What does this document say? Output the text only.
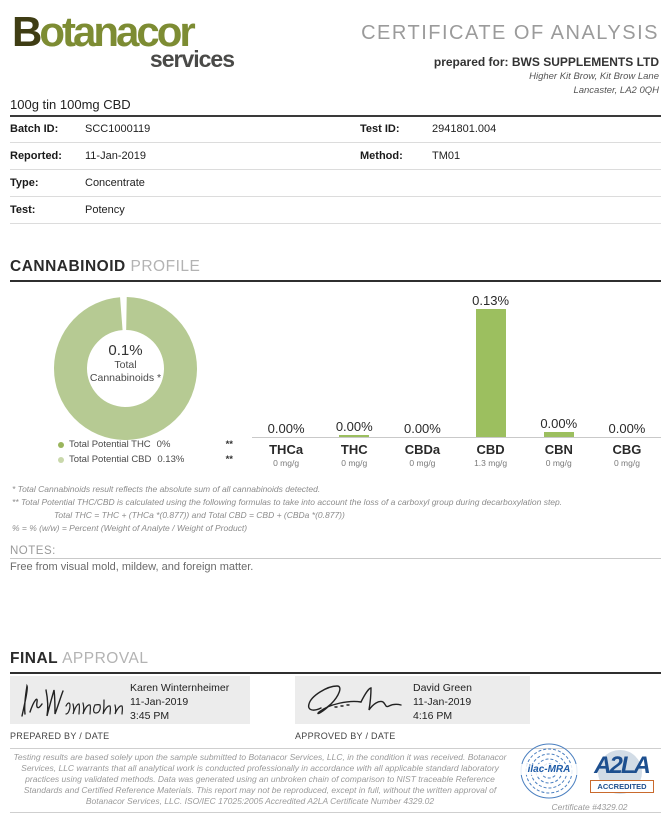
Botanacor
services
CERTIFICATE OF ANALYSIS
prepared for: BWS SUPPLEMENTS LTD
Higher Kit Brow, Kit Brow Lane
Lancaster, LA2 0QH
100g tin 100mg CBD
Batch ID:	SCC1000119	Test ID:	2941801.004
Reported:	11-Jan-2019	Method:	TM01
Type:	Concentrate
Test:	Potency
CANNABINOID PROFILE
0.1%
Total
Cannabinoids *
Total Potential THC 0%	**
Total Potential CBD 0.13%	**
0.00% 0.00% 0.00%
0.13%
0.00% 0.00%
THCa
0 mg/g
THC
0 mg/g
CBDa
0 mg/g
CBD
1.3 mg/g
CBN
0 mg/g
CBG
0 mg/g
* Total Cannabinoids result reflects the absolute sum of all cannabinoids detected.
** Total Potential THC/CBD is calculated using the following formulas to take into account the loss of a carboxyl group during decarboxylation step.
Total THC = THC + (THCa *(0.877)) and Total CBD = CBD + (CBDa *(0.877))
% = % (w/w) = Percent (Weight of Analyte / Weight of Product)
NOTES:
Free from visual mold, mildew, and foreign matter.
FINAL APPROVAL
Karen Winternheimer
11-Jan-2019
3:45 PM
David Green
11-Jan-2019
4:16 PM
PREPARED BY / DATE	APPROVED BY / DATE
Testing results are based solely upon the sample submitted to Botanacor Services, LLC, in the condition it was received. Botanacor Services, LLC warrants that all analytical work is conducted professionally in accordance with all applicable standard laboratory practices using validated methods. Data was generated using an unbroken chain of comparison to NIST traceable Reference Standards and Certified Reference Materials. This report may not be reproduced, except in full, without the written approval of Botanacor Services, LLC. ISO/IEC 17025:2005 Accredited A2LA Certificate Number 4329.02
ilac-MRA A2LA
ACCREDITED
Certificate #4329.02
